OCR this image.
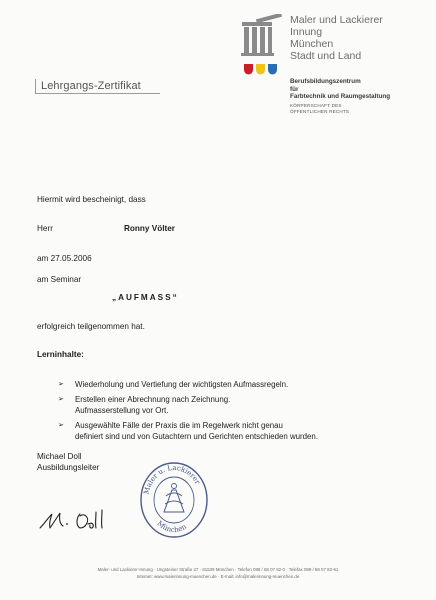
Maler und Lackierer
Innung
München
Stadt und Land
Berufsbildungszentrum
für
Farbtechnik und Raumgestaltung
KÖRPERSCHAFT DES
ÖFFENTLICHEN RECHTS
Lehrgangs-Zertifikat
Hiermit wird bescheinigt, dass
Herr	Ronny Völter
am 27.05.2006
am Seminar
„AUFMASS“
erfolgreich teilgenommen hat.
Lerninhalte:
➢ Wiederholung und Vertiefung der wichtigsten Aufmassregeln.
➢ Erstellen einer Abrechnung nach Zeichnung.
Aufmasserstellung vor Ort.
➢ Ausgewählte Fälle der Praxis die im Regelwerk nicht genau
definiert sind und von Gutachtern und Gerichten entschieden wurden.
Michael Doll
Ausbildungsleiter
Maler u. Lackierer
München
Maler- und Lackierer-Innung · Ungsteiner Straße 27 · 81539 München · Telefon 089 / 68 07 82-0 · Telefax 089 / 68 07 82-61
Internet: www.malerinnung-muenchen.de · E-mail: info@malerinnung-muenchen.de
